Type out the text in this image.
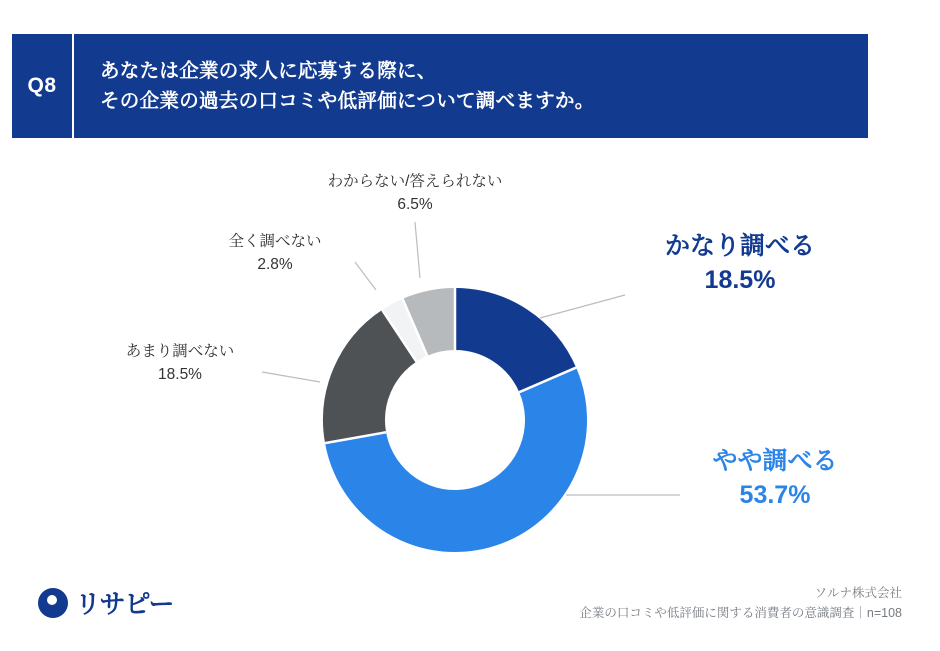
Q8
あなたは企業の求人に応募する際に、
その企業の過去の口コミや低評価について調べますか。
わからない/答えられない
6.5%
全く調べない
2.8%
あまり調べない
18.5%
かなり調べる
18.5%
やや調べる
53.7%
リサピー	ソルナ株式会社
企業の口コミや低評価に関する消費者の意識調査｜n=108
